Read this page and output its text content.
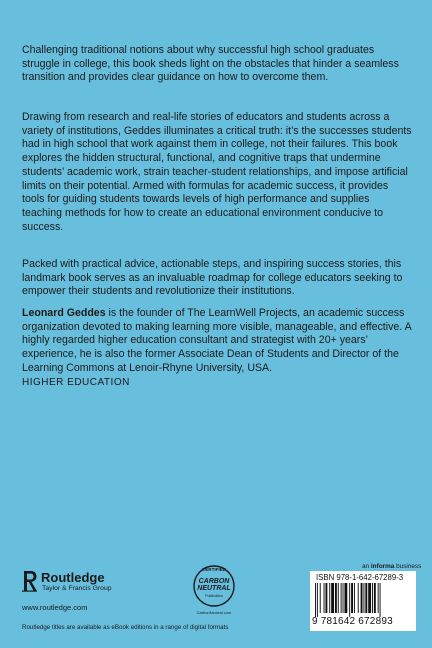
Challenging traditional notions about why successful high school graduates struggle in college, this book sheds light on the obstacles that hinder a seamless transition and provides clear guidance on how to overcome them.

Drawing from research and real-life stories of educators and students across a variety of institutions, Geddes illuminates a critical truth: it’s the successes students had in high school that work against them in college, not their failures. This book explores the hidden structural, functional, and cognitive traps that undermine students’ academic work, strain teacher-student relationships, and impose artificial limits on their potential. Armed with formulas for academic success, it provides tools for guiding students towards levels of high performance and supplies teaching methods for how to create an educational environment conducive to success.

Packed with practical advice, actionable steps, and inspiring success stories, this landmark book serves as an invaluable roadmap for college educators seeking to empower their students and revolutionize their institutions.

Leonard Geddes is the founder of The LearnWell Projects, an academic success organization devoted to making learning more visible, manageable, and effective. A highly regarded higher education consultant and strategist with 20+ years’ experience, he is also the former Associate Dean of Students and Director of the Learning Commons at Lenoir-Rhyne University, USA.

HIGHER EDUCATION
Routledge
Taylor & Francis Group
www.routledge.com
Routledge titles are available as eBook editions in a range of digital formats
CERTIFIED
CARBON
NEUTRAL
Publication
CarbonNeutral.com
an informa business
ISBN 978-1-642-67289-3
9 781642 672893
